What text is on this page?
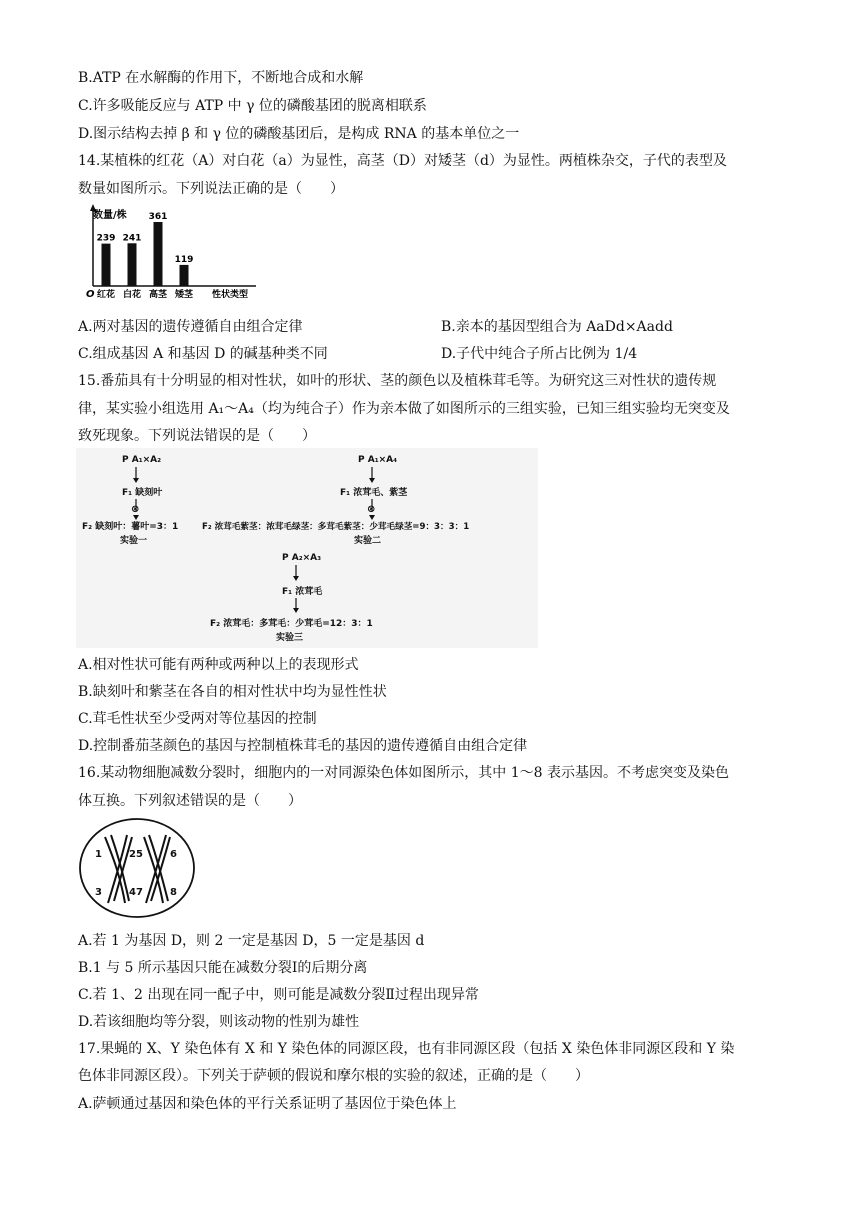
B.ATP 在水解酶的作用下，不断地合成和水解
C.许多吸能反应与 ATP 中 γ 位的磷酸基团的脱离相联系
D.图示结构去掉 β 和 γ 位的磷酸基团后，是构成 RNA 的基本单位之一
14.某植株的红花（A）对白花（a）为显性，高茎（D）对矮茎（d）为显性。两植株杂交，子代的表型及
数量如图所示。下列说法正确的是（　　）
O
数量/株
性状类型
239
红花
241
白花
361
高茎
119
矮茎
A.两对基因的遗传遵循自由组合定律	B.亲本的基因型组合为 AaDd×Aadd
C.组成基因 A 和基因 D 的碱基种类不同	D.子代中纯合子所占比例为 1/4
15.番茄具有十分明显的相对性状，如叶的形状、茎的颜色以及植株茸毛等。为研究这三对性状的遗传规
律，某实验小组选用 A₁～A₄（均为纯合子）作为亲本做了如图所示的三组实验，已知三组实验均无突变及
致死现象。下列说法错误的是（　　）
P A₁×A₂
F₁ 缺刻叶
⊗
F₂ 缺刻叶：薯叶=3：1
实验一
P A₁×A₄
F₁ 浓茸毛、紫茎
⊗
F₂ 浓茸毛紫茎：浓茸毛绿茎：多茸毛紫茎：少茸毛绿茎=9：3：3：1
实验二
P A₂×A₃
F₁ 浓茸毛
F₂ 浓茸毛：多茸毛：少茸毛=12：3：1
实验三
A.相对性状可能有两种或两种以上的表现形式
B.缺刻叶和紫茎在各自的相对性状中均为显性性状
C.茸毛性状至少受两对等位基因的控制
D.控制番茄茎颜色的基因与控制植株茸毛的基因的遗传遵循自由组合定律
16.某动物细胞减数分裂时，细胞内的一对同源染色体如图所示，其中 1～8 表示基因。不考虑突变及染色
体互换。下列叙述错误的是（　　）
1	2
3	4
5	6
7	8
A.若 1 为基因 D，则 2 一定是基因 D，5 一定是基因 d
B.1 与 5 所示基因只能在减数分裂Ⅰ的后期分离
C.若 1、2 出现在同一配子中，则可能是减数分裂Ⅱ过程出现异常
D.若该细胞均等分裂，则该动物的性别为雄性
17.果蝇的 X、Y 染色体有 X 和 Y 染色体的同源区段，也有非同源区段（包括 X 染色体非同源区段和 Y 染
色体非同源区段）。下列关于萨顿的假说和摩尔根的实验的叙述，正确的是（　　）
A.萨顿通过基因和染色体的平行关系证明了基因位于染色体上
